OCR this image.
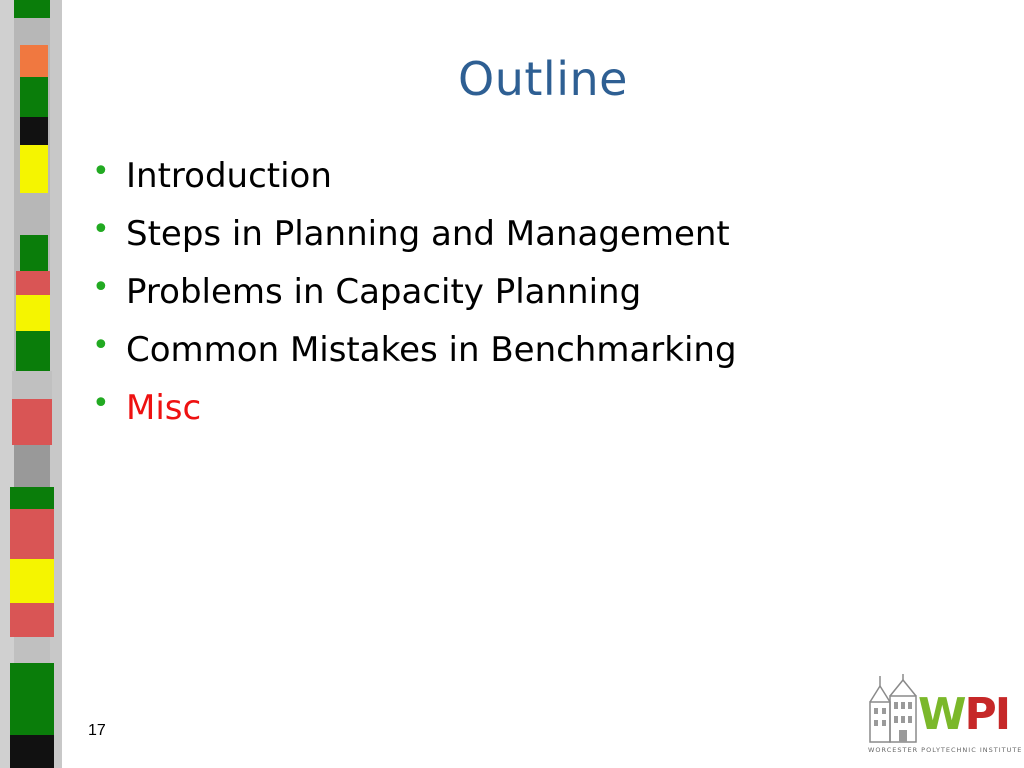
Outline
• Introduction
• Steps in Planning and Management
• Problems in Capacity Planning
• Common Mistakes in Benchmarking
• Misc
17	WPI
WORCESTER POLYTECHNIC INSTITUTE
